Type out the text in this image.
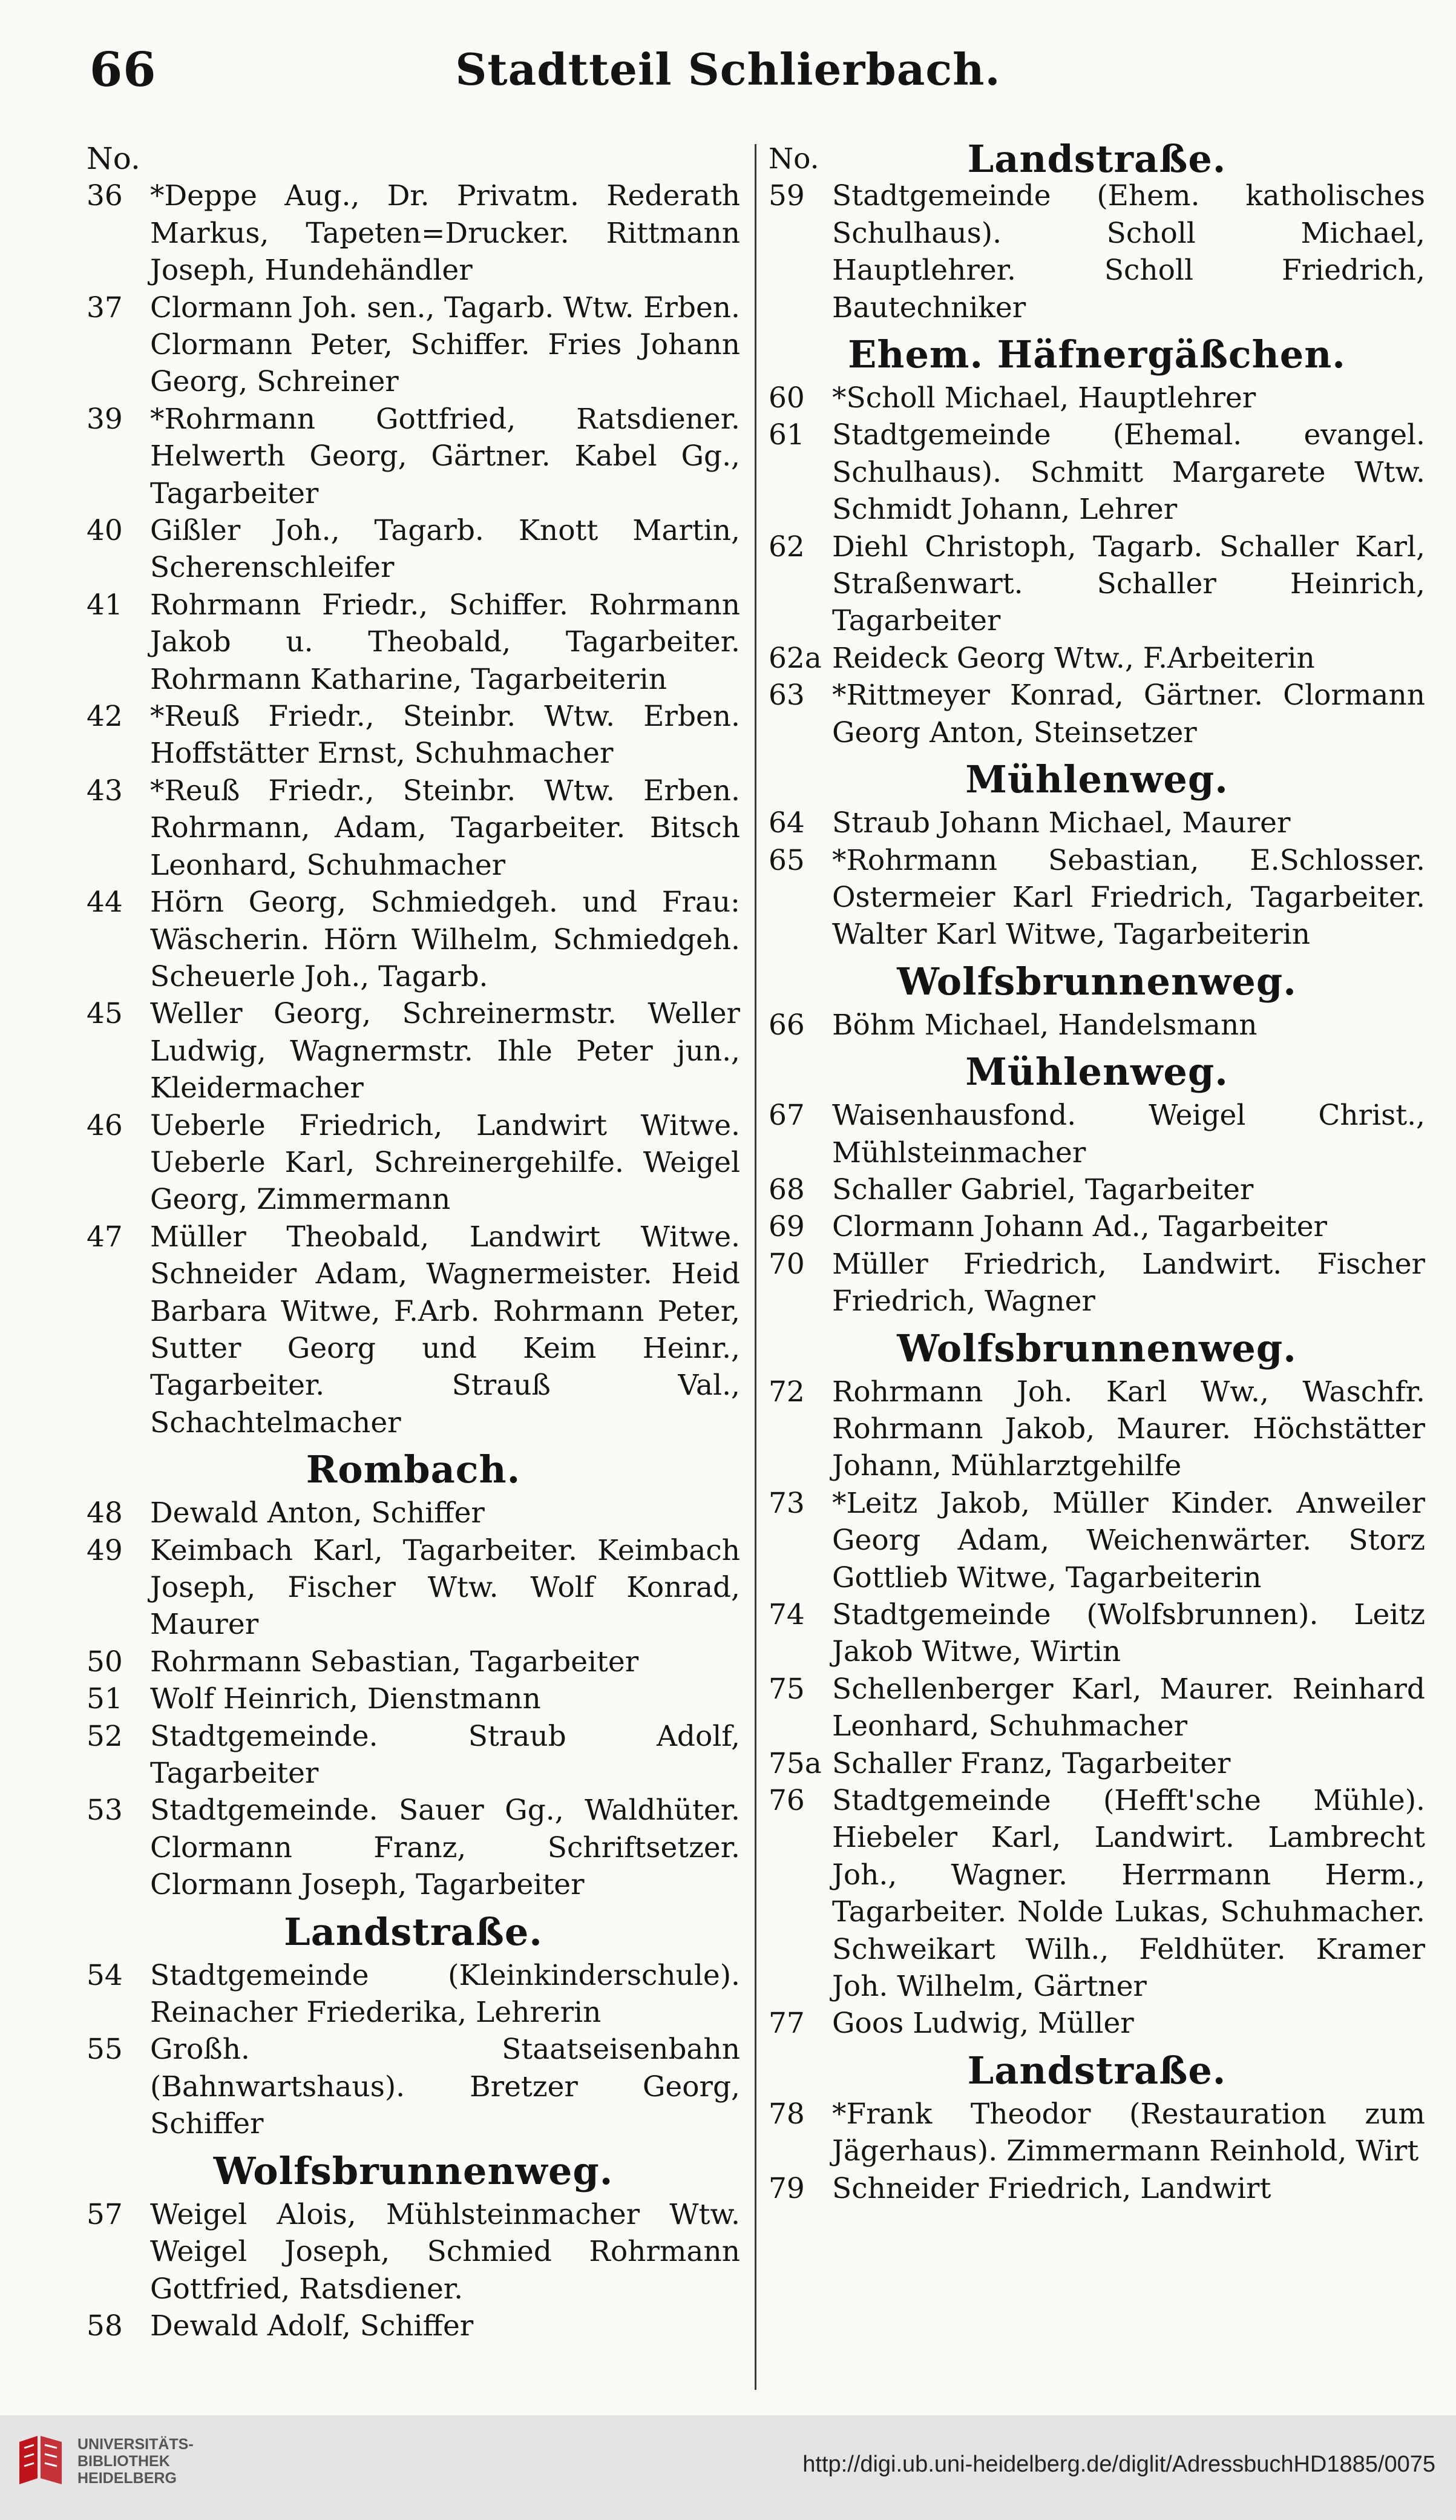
66	Stadtteil Schlierbach.
No.
36 *Deppe Aug., Dr. Privatm. Rederath Markus, Tapeten=Drucker. Rittmann Joseph, Hundehändler
37 Clormann Joh. sen., Tagarb. Wtw. Erben. Clormann Peter, Schiffer. Fries Johann Georg, Schreiner
39 *Rohrmann Gottfried, Ratsdiener. Helwerth Georg, Gärtner. Kabel Gg., Tagarbeiter
40 Gißler Joh., Tagarb. Knott Martin, Scherenschleifer
41 Rohrmann Friedr., Schiffer. Rohrmann Jakob u. Theobald, Tagarbeiter. Rohrmann Katharine, Tagarbeiterin
42 *Reuß Friedr., Steinbr. Wtw. Erben. Hoffstätter Ernst, Schuhmacher
43 *Reuß Friedr., Steinbr. Wtw. Erben. Rohrmann, Adam, Tagarbeiter. Bitsch Leonhard, Schuhmacher
44 Hörn Georg, Schmiedgeh. und Frau: Wäscherin. Hörn Wilhelm, Schmiedgeh. Scheuerle Joh., Tagarb.
45 Weller Georg, Schreinermstr. Weller Ludwig, Wagnermstr. Ihle Peter jun., Kleidermacher
46 Ueberle Friedrich, Landwirt Witwe. Ueberle Karl, Schreinergehilfe. Weigel Georg, Zimmermann
47 Müller Theobald, Landwirt Witwe. Schneider Adam, Wagnermeister. Heid Barbara Witwe, F.Arb. Rohrmann Peter, Sutter Georg und Keim Heinr., Tagarbeiter. Strauß Val., Schachtelmacher
Rombach.
48 Dewald Anton, Schiffer
49 Keimbach Karl, Tagarbeiter. Keimbach Joseph, Fischer Wtw. Wolf Konrad, Maurer
50 Rohrmann Sebastian, Tagarbeiter
51 Wolf Heinrich, Dienstmann
52 Stadtgemeinde. Straub Adolf, Tagarbeiter
53 Stadtgemeinde. Sauer Gg., Waldhüter. Clormann Franz, Schriftsetzer. Clormann Joseph, Tagarbeiter
Landstraße.
54 Stadtgemeinde (Kleinkinderschule). Reinacher Friederika, Lehrerin
55 Großh. Staatseisenbahn (Bahnwartshaus). Bretzer Georg, Schiffer
Wolfsbrunnenweg.
57 Weigel Alois, Mühlsteinmacher Wtw. Weigel Joseph, Schmied Rohrmann Gottfried, Ratsdiener.
58 Dewald Adolf, Schiffer
No.	Landstraße.

59 Stadtgemeinde (Ehem. katholisches Schulhaus). Scholl Michael, Hauptlehrer. Scholl Friedrich, Bautechniker
Ehem. Häfnergäßchen.
60 *Scholl Michael, Hauptlehrer
61 Stadtgemeinde (Ehemal. evangel. Schulhaus). Schmitt Margarete Wtw. Schmidt Johann, Lehrer
62 Diehl Christoph, Tagarb. Schaller Karl, Straßenwart. Schaller Heinrich, Tagarbeiter
62a Reideck Georg Wtw., F.Arbeiterin
63 *Rittmeyer Konrad, Gärtner. Clormann Georg Anton, Steinsetzer
Mühlenweg.
64 Straub Johann Michael, Maurer
65 *Rohrmann Sebastian, E.Schlosser. Ostermeier Karl Friedrich, Tagarbeiter. Walter Karl Witwe, Tagarbeiterin
Wolfsbrunnenweg.
66 Böhm Michael, Handelsmann
Mühlenweg.
67 Waisenhausfond. Weigel Christ., Mühlsteinmacher
68 Schaller Gabriel, Tagarbeiter
69 Clormann Johann Ad., Tagarbeiter
70 Müller Friedrich, Landwirt. Fischer Friedrich, Wagner
Wolfsbrunnenweg.
72 Rohrmann Joh. Karl Ww., Waschfr. Rohrmann Jakob, Maurer. Höchstätter Johann, Mühlarztgehilfe
73 *Leitz Jakob, Müller Kinder. Anweiler Georg Adam, Weichenwärter. Storz Gottlieb Witwe, Tagarbeiterin
74 Stadtgemeinde (Wolfsbrunnen). Leitz Jakob Witwe, Wirtin
75 Schellenberger Karl, Maurer. Reinhard Leonhard, Schuhmacher
75a Schaller Franz, Tagarbeiter
76 Stadtgemeinde (Hefft'sche Mühle). Hiebeler Karl, Landwirt. Lambrecht Joh., Wagner. Herrmann Herm., Tagarbeiter. Nolde Lukas, Schuhmacher. Schweikart Wilh., Feldhüter. Kramer Joh. Wilhelm, Gärtner
77 Goos Ludwig, Müller
Landstraße.
78 *Frank Theodor (Restauration zum Jägerhaus). Zimmermann Reinhold, Wirt
79 Schneider Friedrich, Landwirt
UNIVERSITÄTS-
BIBLIOTHEK
HEIDELBERG
http://digi.ub.uni-heidelberg.de/diglit/AdressbuchHD1885/0075
